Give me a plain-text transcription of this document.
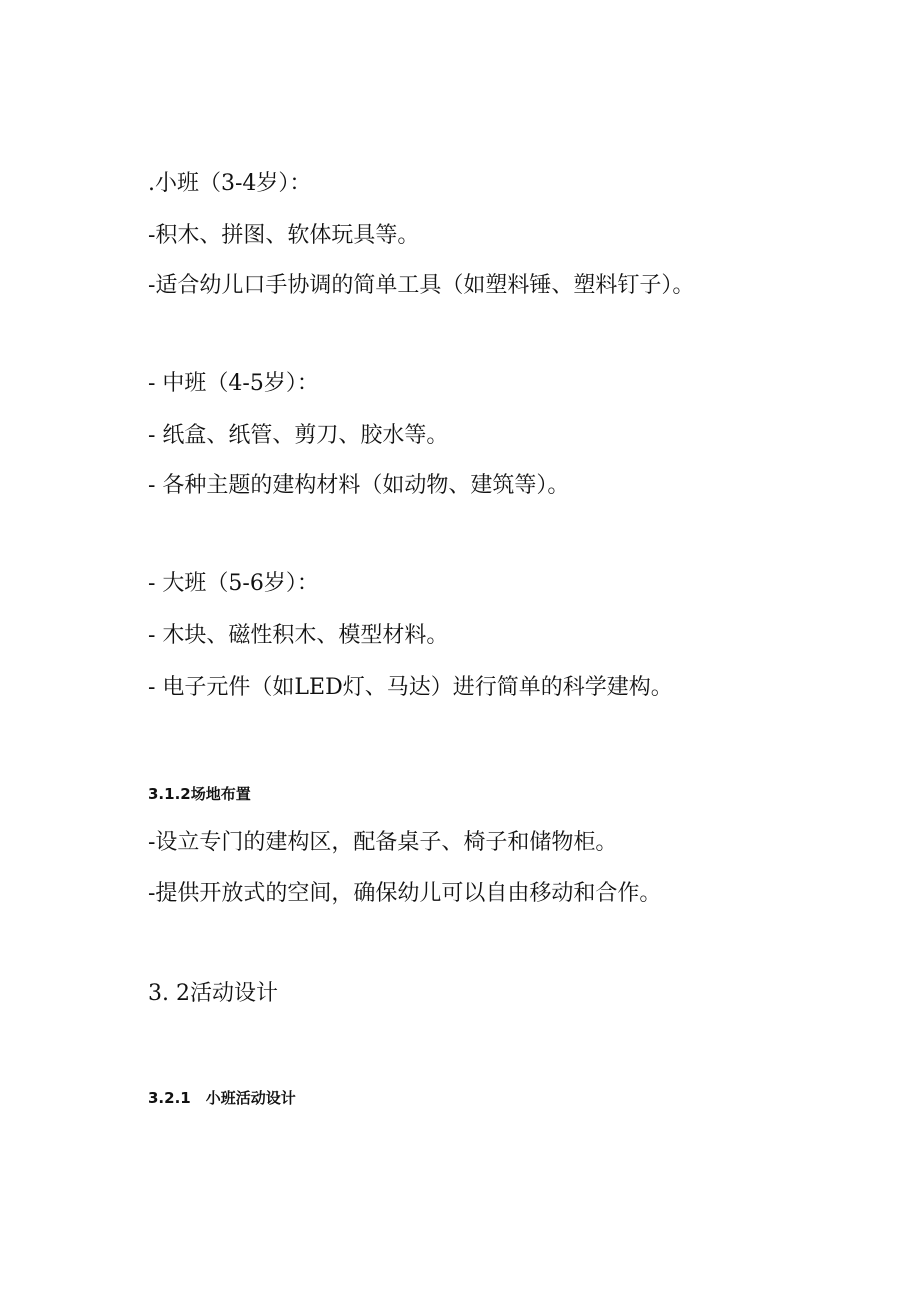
.小班（3-4岁）：
-积木、拼图、软体玩具等。
-适合幼儿口手协调的简单工具（如塑料锤、塑料钉子）。
- 中班（4-5岁）：
- 纸盒、纸管、剪刀、胶水等。
- 各种主题的建构材料（如动物、建筑等）。
- 大班（5-6岁）：
- 木块、磁性积木、模型材料。
- 电子元件（如LED灯、马达）进行简单的科学建构。
3.1.2场地布置
-设立专门的建构区，配备桌子、椅子和储物柜。
-提供开放式的空间，确保幼儿可以自由移动和合作。
3. 2活动设计
3.2.1　小班活动设计
